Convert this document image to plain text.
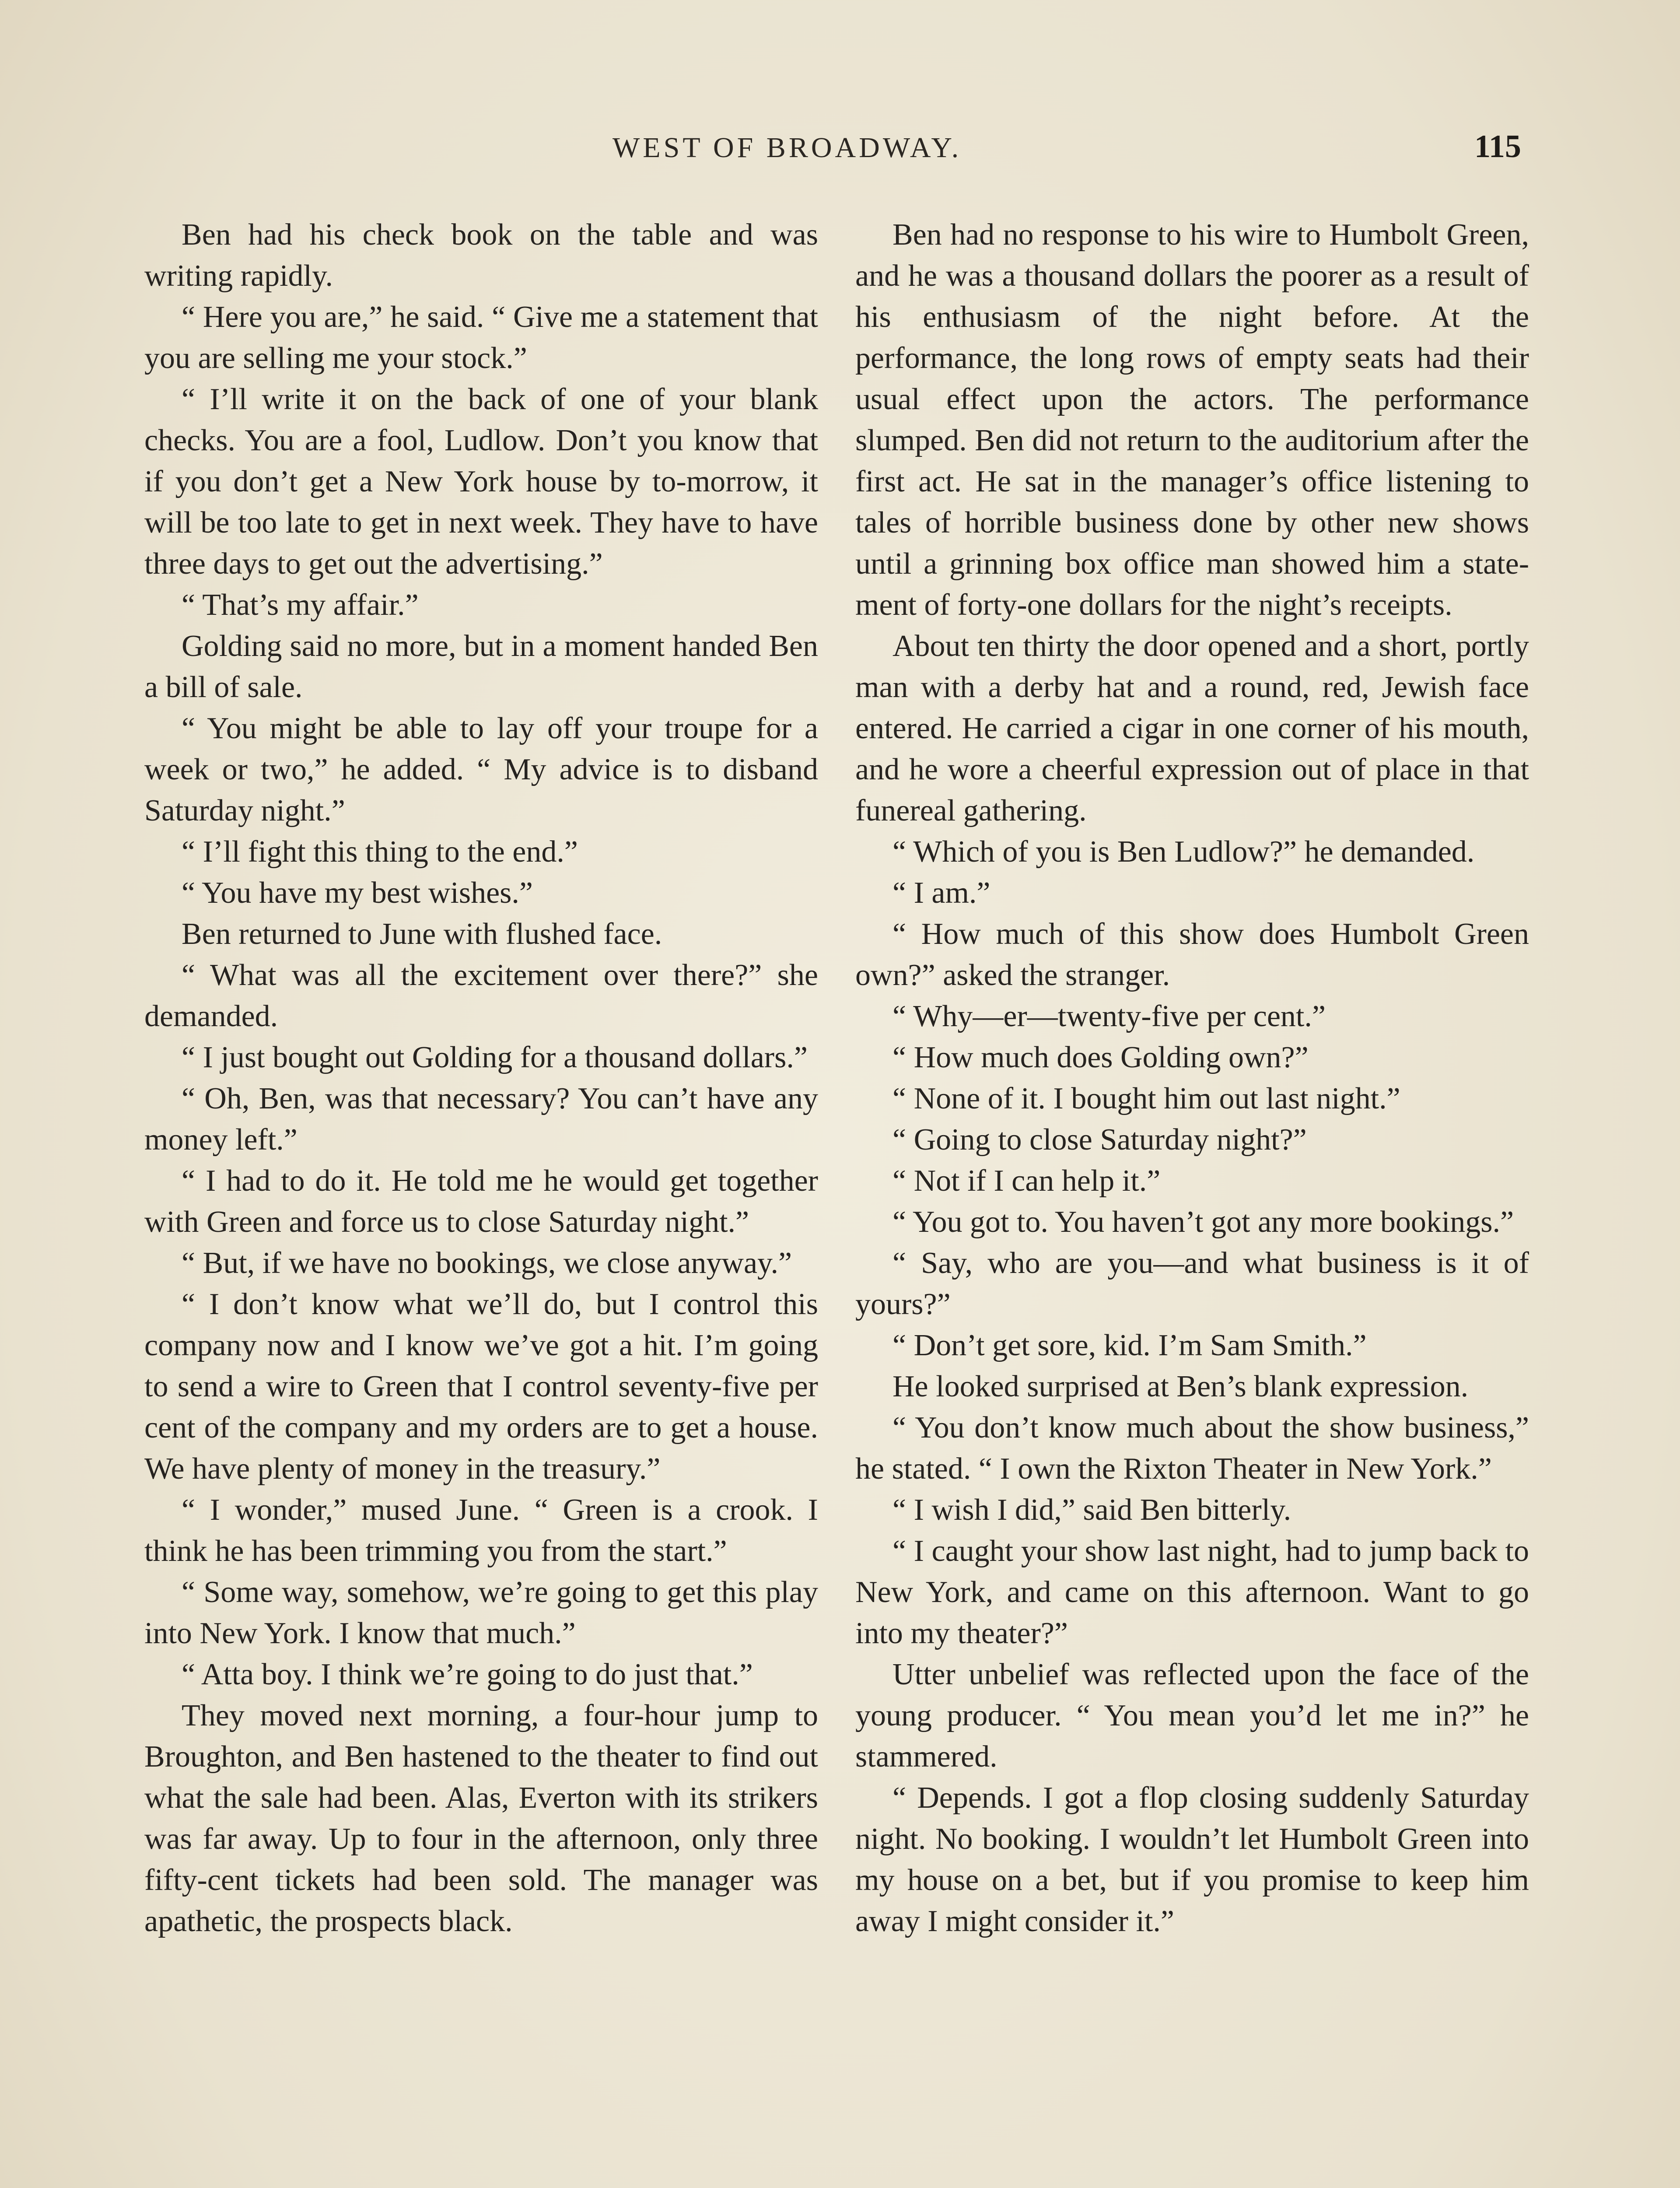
WEST OF BROADWAY.	115

Ben had his check book on the table and was writing rapidly.

“ Here you are,” he said. “ Give me a statement that you are selling me your stock.”

“ I’ll write it on the back of one of your blank checks. You are a fool, Ludlow. Don’t you know that if you don’t get a New York house by to-morrow, it will be too late to get in next week. They have to have three days to get out the advertising.”

“ That’s my affair.”

Golding said no more, but in a moment handed Ben a bill of sale.

“ You might be able to lay off your troupe for a week or two,” he added. “ My advice is to disband Saturday night.”

“ I’ll fight this thing to the end.”

“ You have my best wishes.”

Ben returned to June with flushed face.

“ What was all the excitement over there?” she demanded.

“ I just bought out Golding for a thousand dollars.”

“ Oh, Ben, was that necessary? You can’t have any money left.”

“ I had to do it. He told me he would get together with Green and force us to close Saturday night.”

“ But, if we have no bookings, we close anyway.”

“ I don’t know what we’ll do, but I control this company now and I know we’ve got a hit. I’m going to send a wire to Green that I control seventy-five per cent of the company and my orders are to get a house. We have plenty of money in the treasury.”

“ I wonder,” mused June. “ Green is a crook. I think he has been trimming you from the start.”

“ Some way, somehow, we’re going to get this play into New York. I know that much.”

“ Atta boy. I think we’re going to do just that.”

They moved next morning, a four-hour jump to Broughton, and Ben hastened to the theater to find out what the sale had been. Alas, Everton with its strikers was far away. Up to four in the afternoon, only three fifty-cent tickets had been sold. The manager was apathetic, the prospects black.

Ben had no response to his wire to Humbolt Green, and he was a thousand dollars the poorer as a result of his enthusiasm of the night before. At the performance, the long rows of empty seats had their usual effect upon the actors. The performance slumped. Ben did not return to the auditorium after the first act. He sat in the manager’s office listening to tales of horrible business done by other new shows until a grinning box office man showed him a statement of forty-one dollars for the night’s receipts.

About ten thirty the door opened and a short, portly man with a derby hat and a round, red, Jewish face entered. He carried a cigar in one corner of his mouth, and he wore a cheerful expression out of place in that funereal gathering.

“ Which of you is Ben Ludlow?” he demanded.

“ I am.”

“ How much of this show does Humbolt Green own?” asked the stranger.

“ Why—er—twenty-five per cent.”

“ How much does Golding own?”

“ None of it. I bought him out last night.”

“ Going to close Saturday night?”

“ Not if I can help it.”

“ You got to. You haven’t got any more bookings.”

“ Say, who are you—and what business is it of yours?”

“ Don’t get sore, kid. I’m Sam Smith.”

He looked surprised at Ben’s blank expression.

“ You don’t know much about the show business,” he stated. “ I own the Rixton Theater in New York.”

“ I wish I did,” said Ben bitterly.

“ I caught your show last night, had to jump back to New York, and came on this afternoon. Want to go into my theater?”

Utter unbelief was reflected upon the face of the young producer. “ You mean you’d let me in?” he stammered.

“ Depends. I got a flop closing suddenly Saturday night. No booking. I wouldn’t let Humbolt Green into my house on a bet, but if you promise to keep him away I might consider it.”
